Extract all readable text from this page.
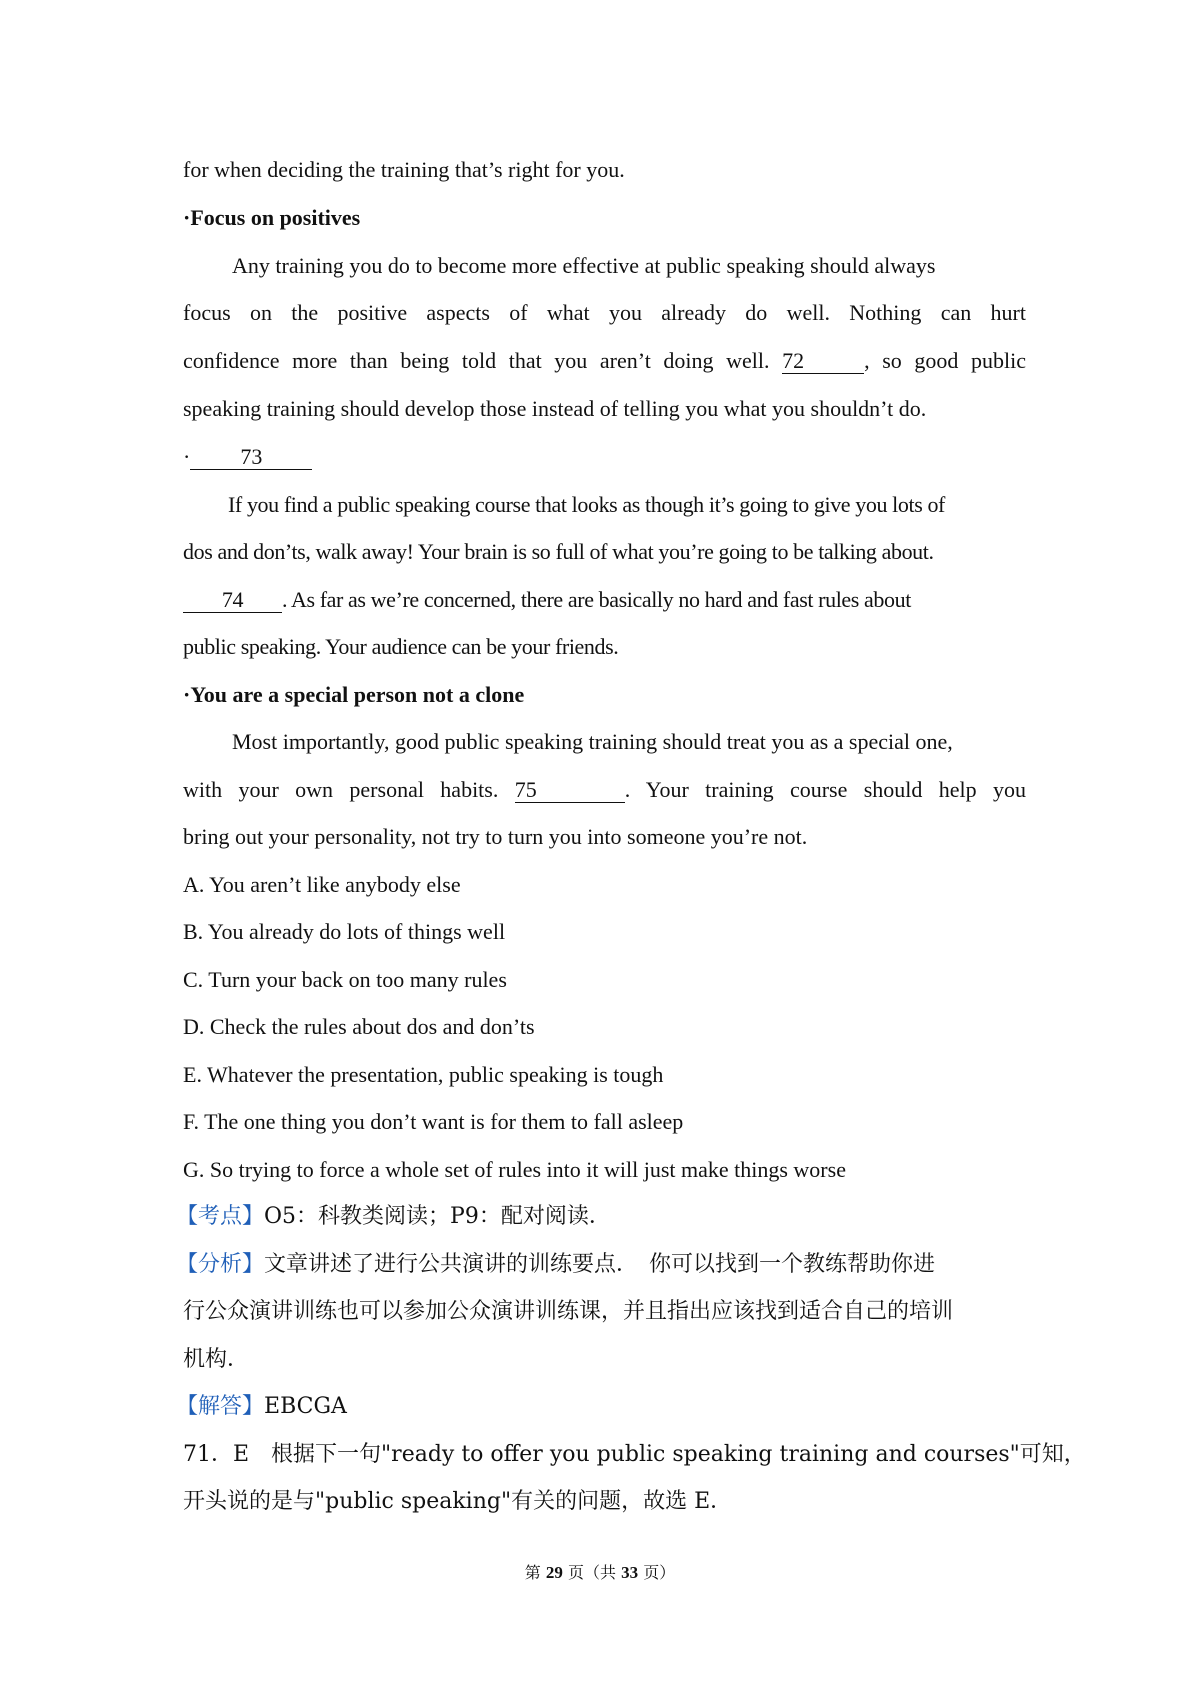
for when deciding the training that’s right for you.
·Focus on positives
Any training you do to become more effective at public speaking should always
focus on the positive aspects of what you already do well. Nothing can hurt
confidence more than being told that you aren’t doing well. 72	, so good public
speaking training should develop those instead of telling you what you shouldn’t do.
· 73
If you find a public speaking course that looks as though it’s going to give you lots of
dos and don’ts, walk away! Your brain is so full of what you’re going to be talking about.
74 . As far as we’re concerned, there are basically no hard and fast rules about
public speaking. Your audience can be your friends.
·You are a special person not a clone
Most importantly, good public speaking training should treat you as a special one,
with your own personal habits. 75	. Your training course should help you
bring out your personality, not try to turn you into someone you’re not.
A. You aren’t like anybody else
B. You already do lots of things well
C. Turn your back on too many rules
D. Check the rules about dos and don’ts
E. Whatever the presentation, public speaking is tough
F. The one thing you don’t want is for them to fall asleep
G. So trying to force a whole set of rules into it will just make things worse
【考点】O5：科教类阅读；P9：配对阅读．
【分析】文章讲述了进行公共演讲的训练要点．　你可以找到一个教练帮助你进
行公众演讲训练也可以参加公众演讲训练课，并且指出应该找到适合自己的培训
机构．
【解答】EBCGA
71．E　根据下一句"ready to offer you public speaking training and courses"可知，
开头说的是与"public speaking"有关的问题，故选 E．
第 29 页（共 33 页）
